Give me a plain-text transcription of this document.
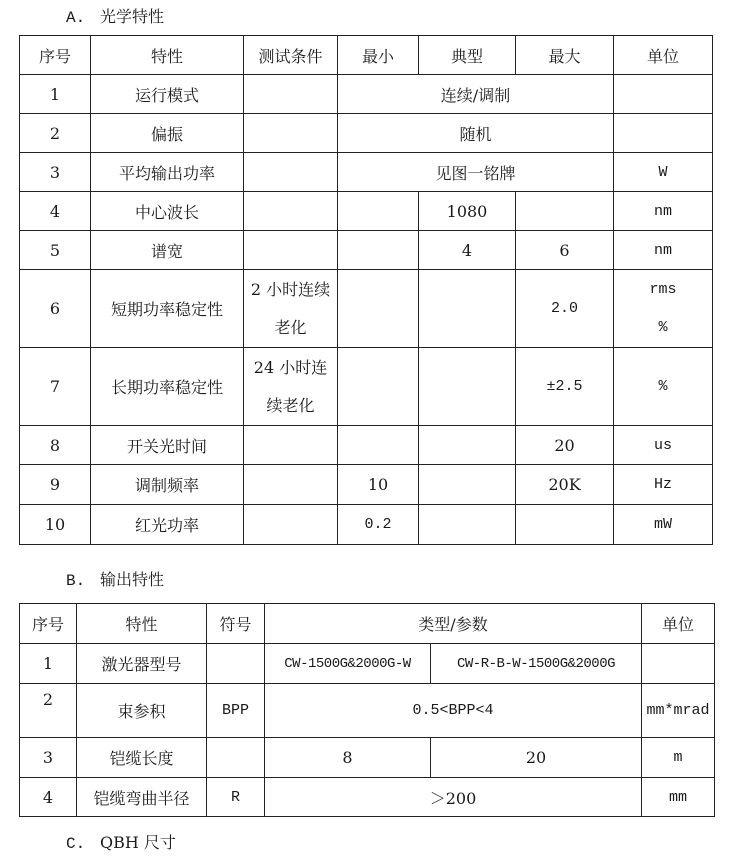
A. 光学特性
序号	特性	测试条件	最小	典型	最大	单位
1	运行模式		连续/调制			
2	偏振		随机			
3	平均输出功率		见图一铭牌			W
4	中心波长			1080		nm
5	谱宽			4	6	nm
6	短期功率稳定性	2 小时连续老化			2.0	rms %
7	长期功率稳定性	24 小时连续老化			±2.5	%
8	开关光时间				20	us
9	调制频率		10		20K	Hz
10	红光功率		0.2			mW
B. 输出特性
序号	特性	符号	类型/参数		单位
1	激光器型号		CW-1500G&2000G-W	CW-R-B-W-1500G&2000G	
2	束参积	BPP	0.5<BPP<4		mm*mrad
3	铠缆长度		8	20	m
4	铠缆弯曲半径	R	＞200		mm
C. QBH 尺寸
